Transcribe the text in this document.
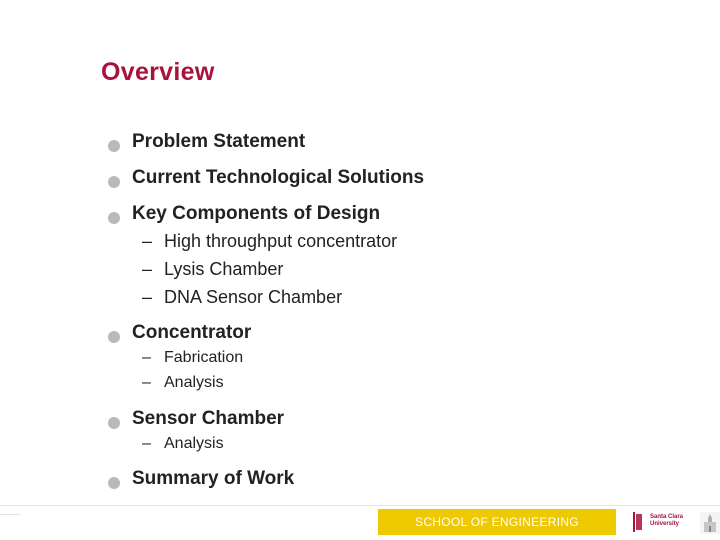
Overview
Problem Statement
Current Technological Solutions
Key Components of Design
– High throughput concentrator
– Lysis Chamber
– DNA Sensor Chamber
Concentrator
– Fabrication
– Analysis
Sensor Chamber
– Analysis
Summary of Work
SCHOOL OF ENGINEERING	Santa Clara
University
